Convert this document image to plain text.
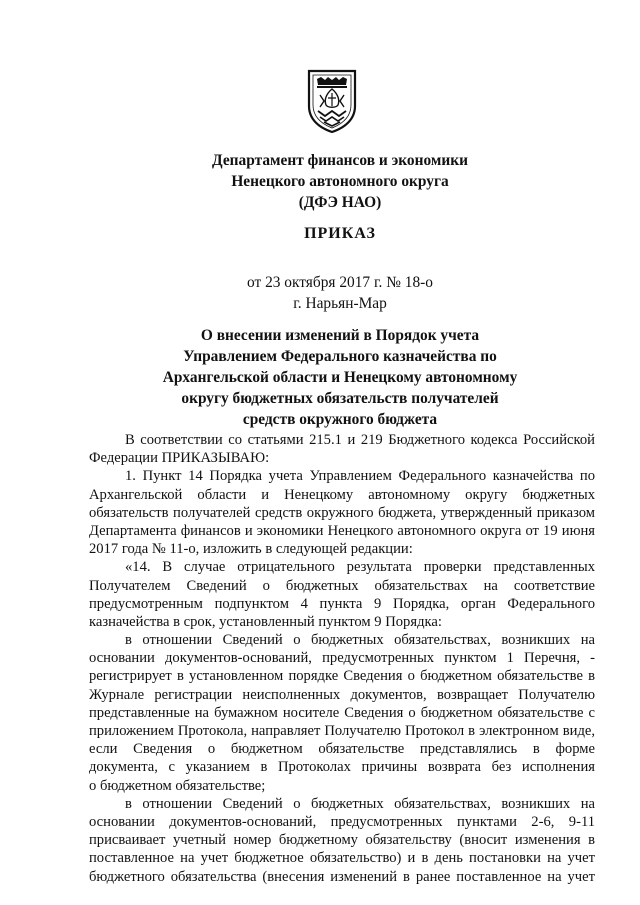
Департамент финансов и экономики
Ненецкого автономного округа
(ДФЭ НАО)
ПРИКАЗ
от 23 октября 2017 г. № 18-о
г. Нарьян-Мар
О внесении изменений в Порядок учета
Управлением Федерального казначейства по
Архангельской области и Ненецкому автономному
округу бюджетных обязательств получателей
средств окружного бюджета
В соответствии со статьями 215.1 и 219 Бюджетного кодекса Российской
Федерации ПРИКАЗЫВАЮ:
1. Пункт 14 Порядка учета Управлением Федерального казначейства по
Архангельской области и Ненецкому автономному округу бюджетных
обязательств получателей средств окружного бюджета, утвержденный приказом
Департамента финансов и экономики Ненецкого автономного округа от 19 июня
2017 года № 11-о, изложить в следующей редакции:
«14. В случае отрицательного результата проверки представленных
Получателем Сведений о бюджетных обязательствах на соответствие
предусмотренным подпунктом 4 пункта 9 Порядка, орган Федерального
казначейства в срок, установленный пунктом 9 Порядка:
в отношении Сведений о бюджетных обязательствах, возникших на
основании документов-оснований, предусмотренных пунктом 1 Перечня, -
регистрирует в установленном порядке Сведения о бюджетном обязательстве в
Журнале регистрации неисполненных документов, возвращает Получателю
представленные на бумажном носителе Сведения о бюджетном обязательстве с
приложением Протокола, направляет Получателю Протокол в электронном виде,
если Сведения о бюджетном обязательстве представлялись в форме
документа, с указанием в Протоколах причины возврата без исполнения
о бюджетном обязательстве;
в отношении Сведений о бюджетных обязательствах, возникших на
основании документов-оснований, предусмотренных пунктами 2-6, 9-11
присваивает учетный номер бюджетному обязательству (вносит изменения в
поставленное на учет бюджетное обязательство) и в день постановки на учет
бюджетного обязательства (внесения изменений в ранее поставленное на учет
